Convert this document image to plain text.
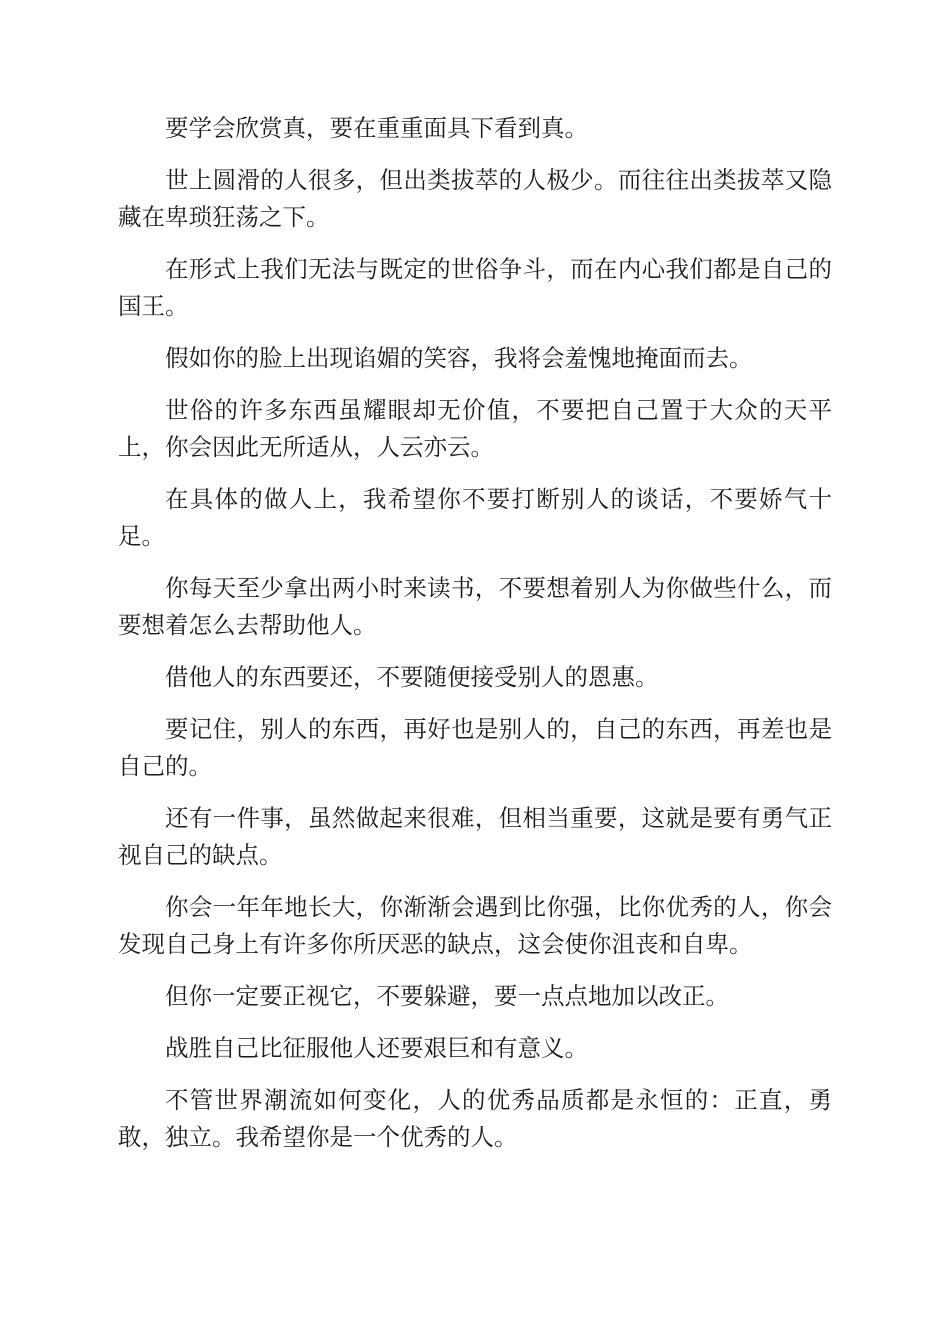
要学会欣赏真，要在重重面具下看到真。

世上圆滑的人很多，但出类拔萃的人极少。而往往出类拔萃又隐藏在卑琐狂荡之下。

在形式上我们无法与既定的世俗争斗，而在内心我们都是自己的国王。

假如你的脸上出现谄媚的笑容，我将会羞愧地掩面而去。

世俗的许多东西虽耀眼却无价值，不要把自己置于大众的天平上，你会因此无所适从，人云亦云。

在具体的做人上，我希望你不要打断别人的谈话，不要娇气十足。

你每天至少拿出两小时来读书，不要想着别人为你做些什么，而要想着怎么去帮助他人。

借他人的东西要还，不要随便接受别人的恩惠。

要记住，别人的东西，再好也是别人的，自己的东西，再差也是自己的。

还有一件事，虽然做起来很难，但相当重要，这就是要有勇气正视自己的缺点。

你会一年年地长大，你渐渐会遇到比你强，比你优秀的人，你会发现自己身上有许多你所厌恶的缺点，这会使你沮丧和自卑。

但你一定要正视它，不要躲避，要一点点地加以改正。

战胜自己比征服他人还要艰巨和有意义。

不管世界潮流如何变化，人的优秀品质都是永恒的：正直，勇敢，独立。我希望你是一个优秀的人。
